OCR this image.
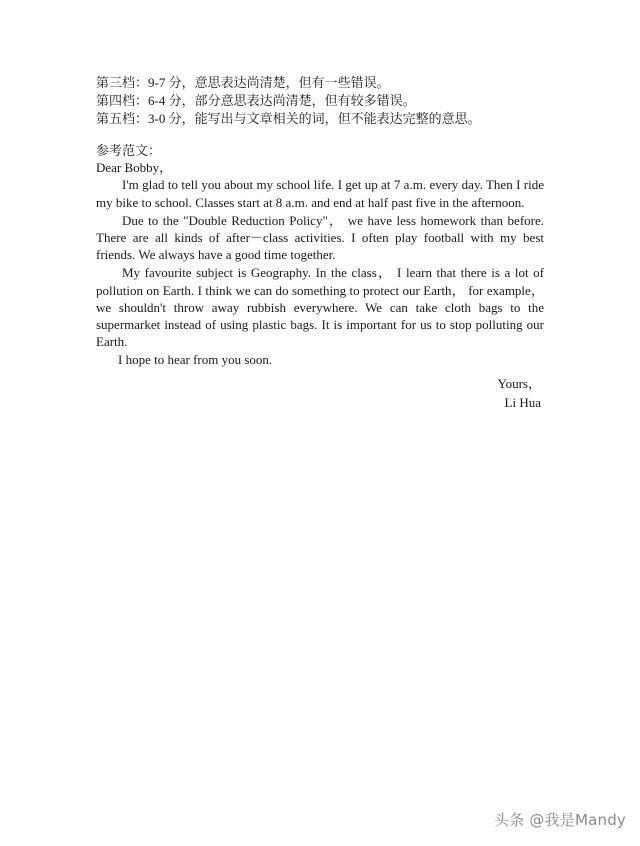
第三档：9-7 分，意思表达尚清楚，但有一些错误。
第四档：6-4 分，部分意思表达尚清楚，但有较多错误。
第五档：3-0 分，能写出与文章相关的词，但不能表达完整的意思。

参考范文：

Dear Bobby，

I'm glad to tell you about my school life. I get up at 7 a.m. every day. Then I ride my bike to school. Classes start at 8 a.m. and end at half past five in the afternoon.

Due to the "Double Reduction Policy"， we have less homework than before. There are all kinds of after－class activities. I often play football with my best friends. We always have a good time together.

My favourite subject is Geography. In the class， I learn that there is a lot of pollution on Earth. I think we can do something to protect our Earth， for example， we shouldn't throw away rubbish everywhere. We can take cloth bags to the supermarket instead of using plastic bags. It is important for us to stop polluting our Earth.

I hope to hear from you soon.

Yours，
Li Hua
头条 @我是Mandy
